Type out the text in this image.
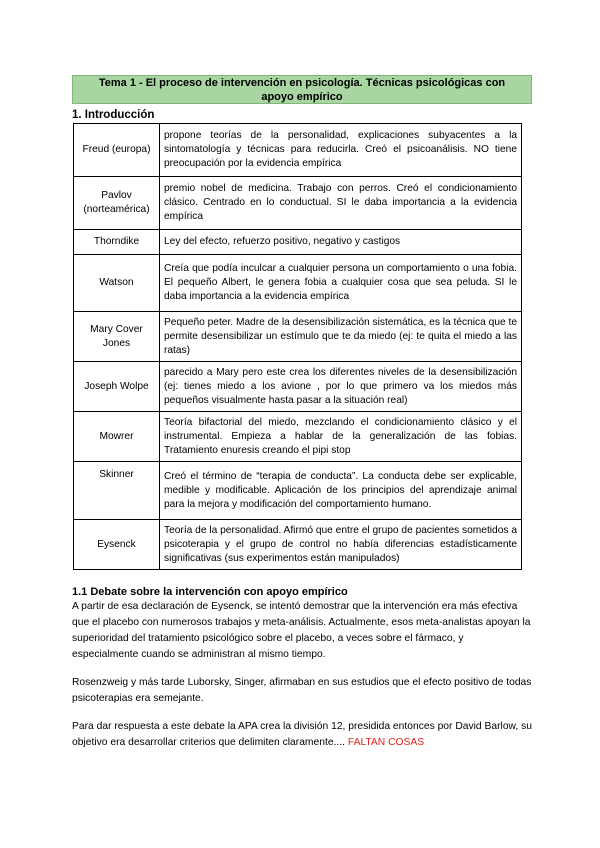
Tema 1 - El proceso de intervención en psicología. Técnicas psicológicas con
apoyo empírico
1. Introducción
Freud (europa)	propone teorías de la personalidad, explicaciones subyacentes a la sintomatología y técnicas para reducirla. Creó el psicoanálisis. NO tiene preocupación por la evidencia empírica
Pavlov (norteamérica)	premio nobel de medicina. Trabajo con perros. Creó el condicionamiento clásico. Centrado en lo conductual. SI le daba importancia a la evidencia empírica
Thorndike	Ley del efecto, refuerzo positivo, negativo y castigos
Watson	Creía que podía inculcar a cualquier persona un comportamiento o una fobia. El pequeño Albert, le genera fobia a cualquier cosa que sea peluda. SI le daba importancia a la evidencia empírica
Mary Cover Jones	Pequeño peter. Madre de la desensibilización sistemática, es la técnica que te permite desensibilizar un estímulo que te da miedo (ej: te quita el miedo a las ratas)
Joseph Wolpe	parecido a Mary pero este crea los diferentes niveles de la desensibilización (ej: tienes miedo a los avione , por lo que primero va los miedos más pequeños visualmente hasta pasar a la situación real)
Mowrer	Teoría bifactorial del miedo, mezclando el condicionamiento clásico y el instrumental. Empieza a hablar de la generalización de las fobias. Tratamiento enuresis creando el pipi stop
Skinner	Creó el término de “terapia de conducta”. La conducta debe ser explicable, medible y modificable. Aplicación de los principios del aprendizaje animal para la mejora y modificación del comportamiento humano.
Eysenck	Teoría de la personalidad. Afirmó que entre el grupo de pacientes sometidos a psicoterapia y el grupo de control no había diferencias estadísticamente significativas (sus experimentos están manipulados)
1.1 Debate sobre la intervención con apoyo empírico

A partir de esa declaración de Eysenck, se intentó demostrar que la intervención era más efectiva que el placebo con numerosos trabajos y meta-análisis. Actualmente, esos meta-analistas apoyan la superioridad del tratamiento psicológico sobre el placebo, a veces sobre el fármaco, y especialmente cuando se administran al mismo tiempo.

Rosenzweig y más tarde Luborsky, Singer, afirmaban en sus estudios que el efecto positivo de todas psicoterapias era semejante.

Para dar respuesta a este debate la APA crea la división 12, presidida entonces por David Barlow, su objetivo era desarrollar criterios que delimiten claramente.... FALTAN COSAS
